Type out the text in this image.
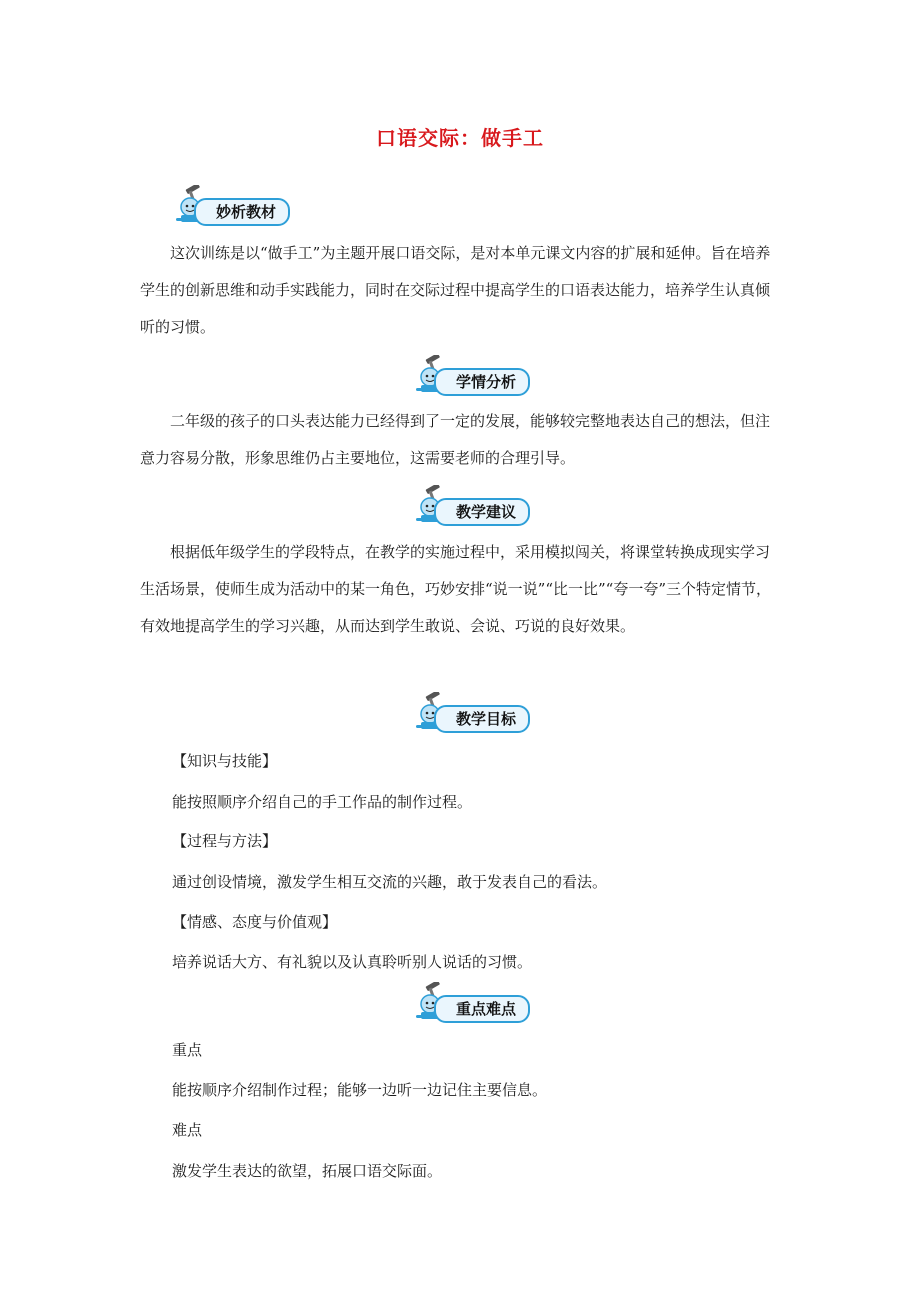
口语交际：做手工
妙析教材
这次训练是以“做手工”为主题开展口语交际，是对本单元课文内容的扩展和延伸。旨在培养学生的创新思维和动手实践能力，同时在交际过程中提高学生的口语表达能力，培养学生认真倾听的习惯。
学情分析
二年级的孩子的口头表达能力已经得到了一定的发展，能够较完整地表达自己的想法，但注意力容易分散，形象思维仍占主要地位，这需要老师的合理引导。
教学建议
根据低年级学生的学段特点，在教学的实施过程中，采用模拟闯关，将课堂转换成现实学习生活场景，使师生成为活动中的某一角色，巧妙安排“说一说”“比一比”“夸一夸”三个特定情节，有效地提高学生的学习兴趣，从而达到学生敢说、会说、巧说的良好效果。
教学目标
【知识与技能】
能按照顺序介绍自己的手工作品的制作过程。
【过程与方法】
通过创设情境，激发学生相互交流的兴趣，敢于发表自己的看法。
【情感、态度与价值观】
培养说话大方、有礼貌以及认真聆听别人说话的习惯。
重点难点
重点
能按顺序介绍制作过程；能够一边听一边记住主要信息。
难点
激发学生表达的欲望，拓展口语交际面。
